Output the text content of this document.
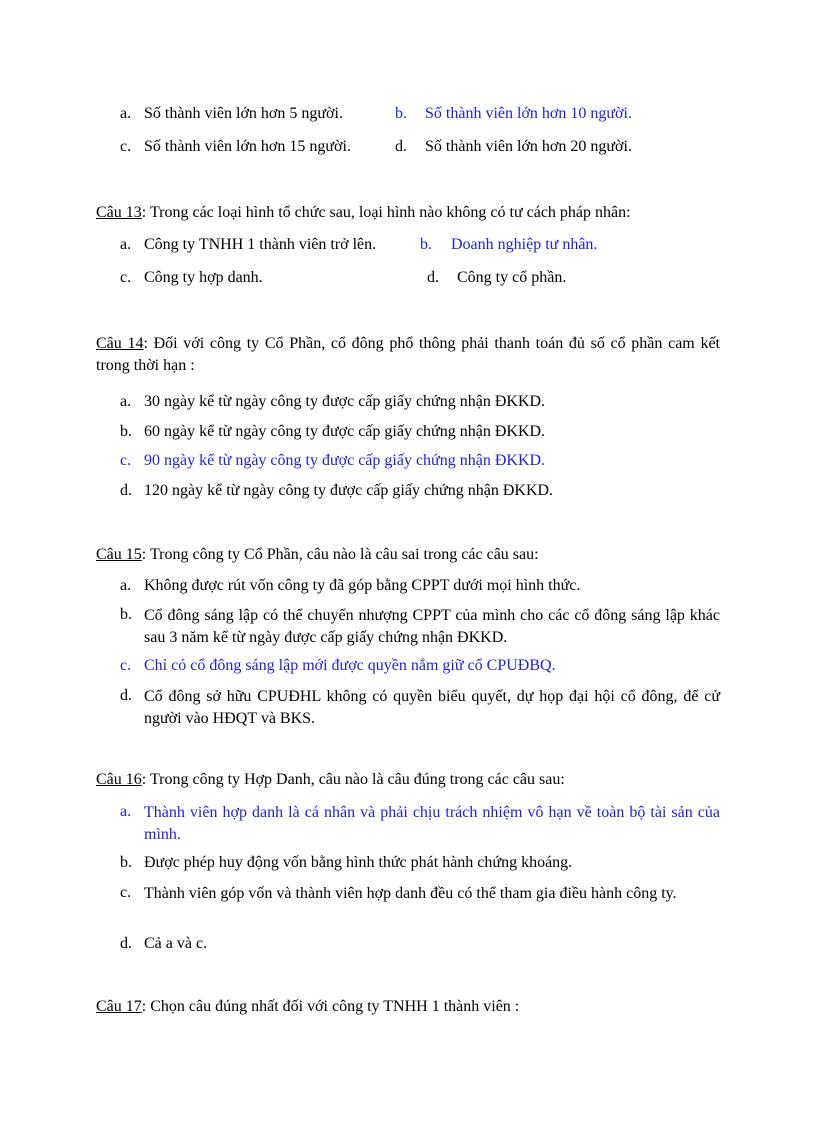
a. Số thành viên lớn hơn 5 người.	b. Số thành viên lớn hơn 10 người.
c. Số thành viên lớn hơn 15 người.	d. Số thành viên lớn hơn 20 người.
Câu 13: Trong các loại hình tổ chức sau, loại hình nào không có tư cách pháp nhân:
a. Công ty TNHH 1 thành viên trở lên.	b. Doanh nghiệp tư nhân.
c. Công ty hợp danh.	d. Công ty cổ phần.
Câu 14: Đối với công ty Cổ Phần, cổ đông phổ thông phải thanh toán đủ số cổ phần cam kết trong thời hạn :
a. 30 ngày kể từ ngày công ty được cấp giấy chứng nhận ĐKKD.
b. 60 ngày kể từ ngày công ty được cấp giấy chứng nhận ĐKKD.
c. 90 ngày kể từ ngày công ty được cấp giấy chứng nhận ĐKKD.
d. 120 ngày kể từ ngày công ty được cấp giấy chứng nhận ĐKKD.
Câu 15: Trong công ty Cổ Phần, câu nào là câu sai trong các câu sau:
a. Không được rút vốn công ty đã góp bằng CPPT dưới mọi hình thức.
b. Cổ đông sáng lập có thể chuyển nhượng CPPT của mình cho các cổ đông sáng lập khác sau 3 năm kể từ ngày được cấp giấy chứng nhận ĐKKD.
c. Chỉ có cổ đông sáng lập mới được quyền nắm giữ cổ CPUĐBQ.
d. Cổ đông sở hữu CPUĐHL không có quyền biểu quyết, dự họp đại hội cổ đông, để cử người vào HĐQT và BKS.
Câu 16: Trong công ty Hợp Danh, câu nào là câu đúng trong các câu sau:
a. Thành viên hợp danh là cá nhân và phải chịu trách nhiệm vô hạn về toàn bộ tài sản của mình.
b. Được phép huy động vốn bằng hình thức phát hành chứng khoáng.
c. Thành viên góp vốn và thành viên hợp danh đều có thể tham gia điều hành công ty.
d. Cả a và c.
Câu 17: Chọn câu đúng nhất đối với công ty TNHH 1 thành viên :
